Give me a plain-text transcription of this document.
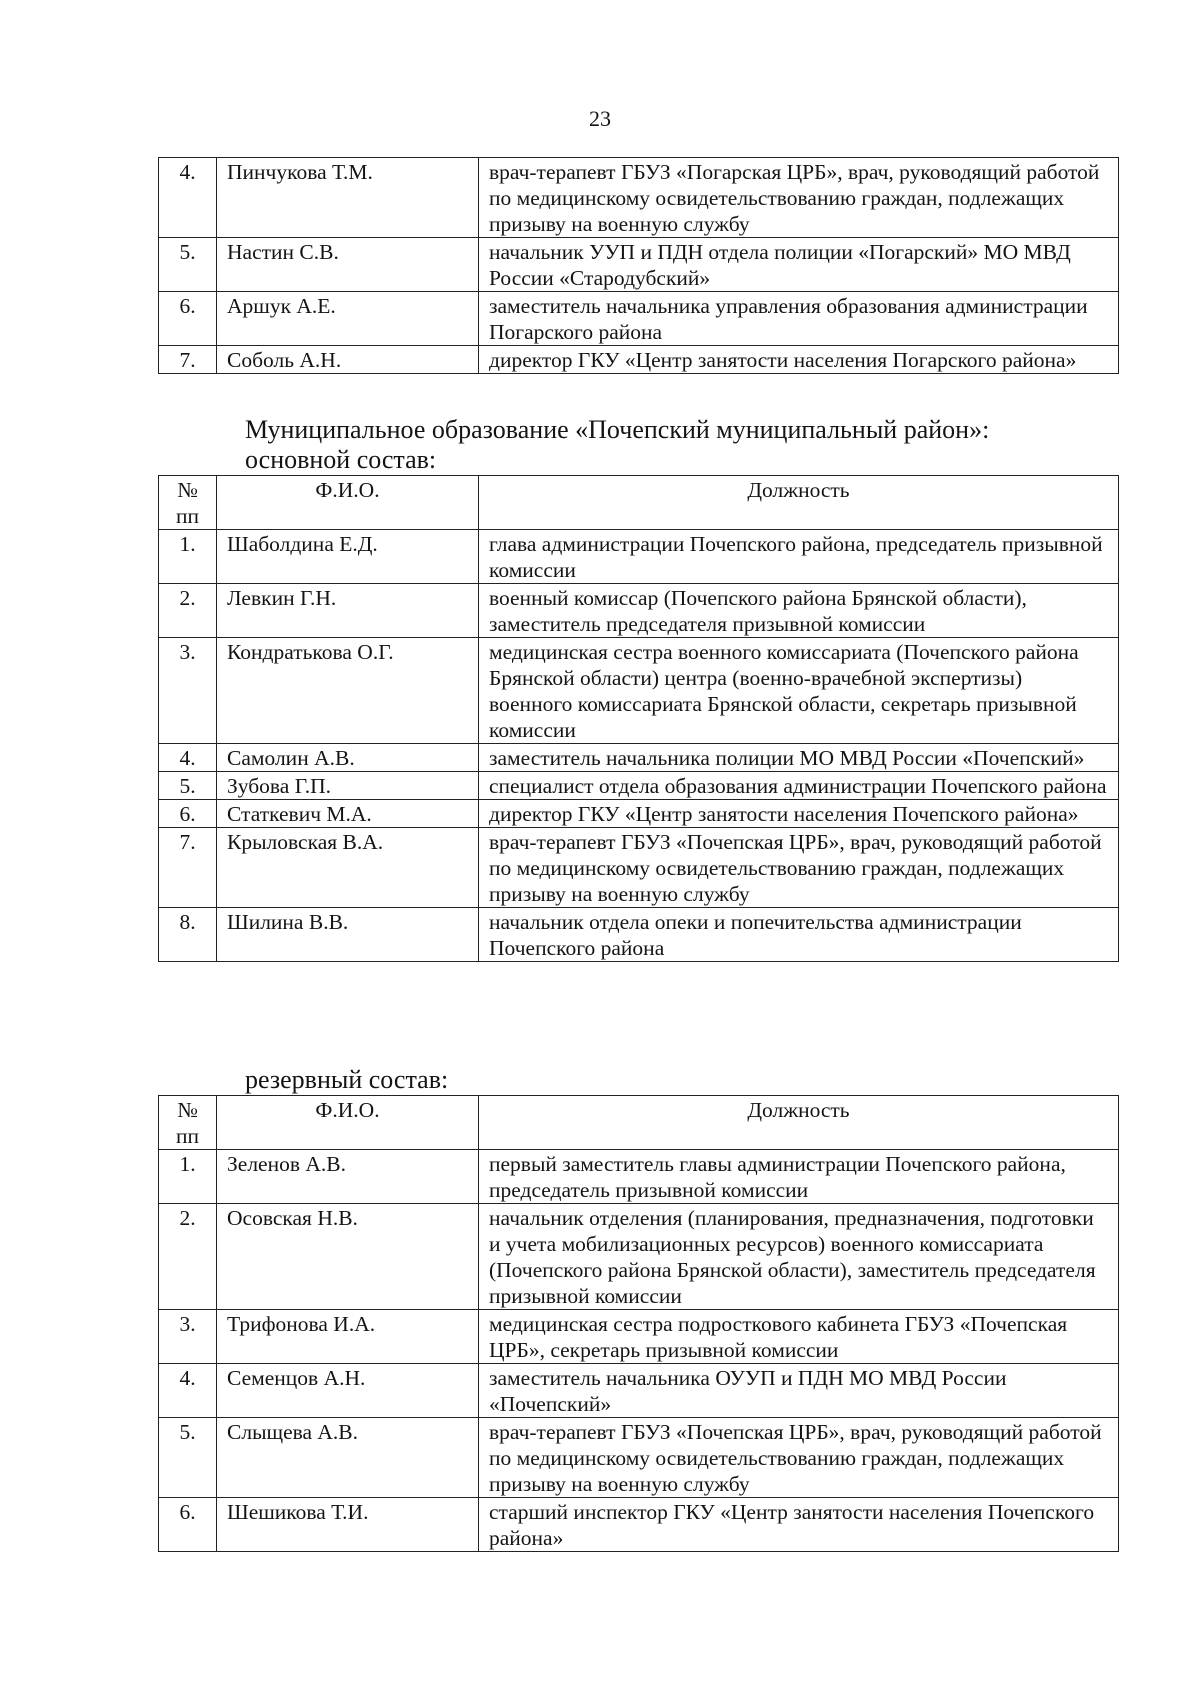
23
4.	Пинчукова Т.М.	врач-терапевт ГБУЗ «Погарская ЦРБ», врач, руководящий работой по медицинскому освидетельствованию граждан, подлежащих призыву на военную службу
5.	Настин С.В.	начальник УУП и ПДН отдела полиции «Погарский» МО МВД России «Стародубский»
6.	Аршук А.Е.	заместитель начальника управления образования администрации Погарского района
7.	Соболь А.Н.	директор ГКУ «Центр занятости населения Погарского района»
Муниципальное образование «Почепский муниципальный район»:
основной состав:
№ пп	Ф.И.О.	Должность
1.	Шаболдина Е.Д.	глава администрации Почепского района, председатель призывной комиссии
2.	Левкин Г.Н.	военный комиссар (Почепского района Брянской области), заместитель председателя призывной комиссии
3.	Кондратькова О.Г.	медицинская сестра военного комиссариата (Почепского района Брянской области) центра (военно-врачебной экспертизы) военного комиссариата Брянской области, секретарь призывной комиссии
4.	Самолин А.В.	заместитель начальника полиции МО МВД России «Почепский»
5.	Зубова Г.П.	специалист отдела образования администрации Почепского района
6.	Статкевич М.А.	директор ГКУ «Центр занятости населения Почепского района»
7.	Крыловская В.А.	врач-терапевт ГБУЗ «Почепская ЦРБ», врач, руководящий работой по медицинскому освидетельствованию граждан, подлежащих призыву на военную службу
8.	Шилина В.В.	начальник отдела опеки и попечительства администрации Почепского района
резервный состав:
№ пп	Ф.И.О.	Должность
1.	Зеленов А.В.	первый заместитель главы администрации Почепского района, председатель призывной комиссии
2.	Осовская Н.В.	начальник отделения (планирования, предназначения, подготовки и учета мобилизационных ресурсов) военного комиссариата (Почепского района Брянской области), заместитель председателя призывной комиссии
3.	Трифонова И.А.	медицинская сестра подросткового кабинета ГБУЗ «Почепская ЦРБ», секретарь призывной комиссии
4.	Семенцов А.Н.	заместитель начальника ОУУП и ПДН МО МВД России «Почепский»
5.	Слыщева А.В.	врач-терапевт ГБУЗ «Почепская ЦРБ», врач, руководящий работой по медицинскому освидетельствованию граждан, подлежащих призыву на военную службу
6.	Шешикова Т.И.	старший инспектор ГКУ «Центр занятости населения Почепского района»
